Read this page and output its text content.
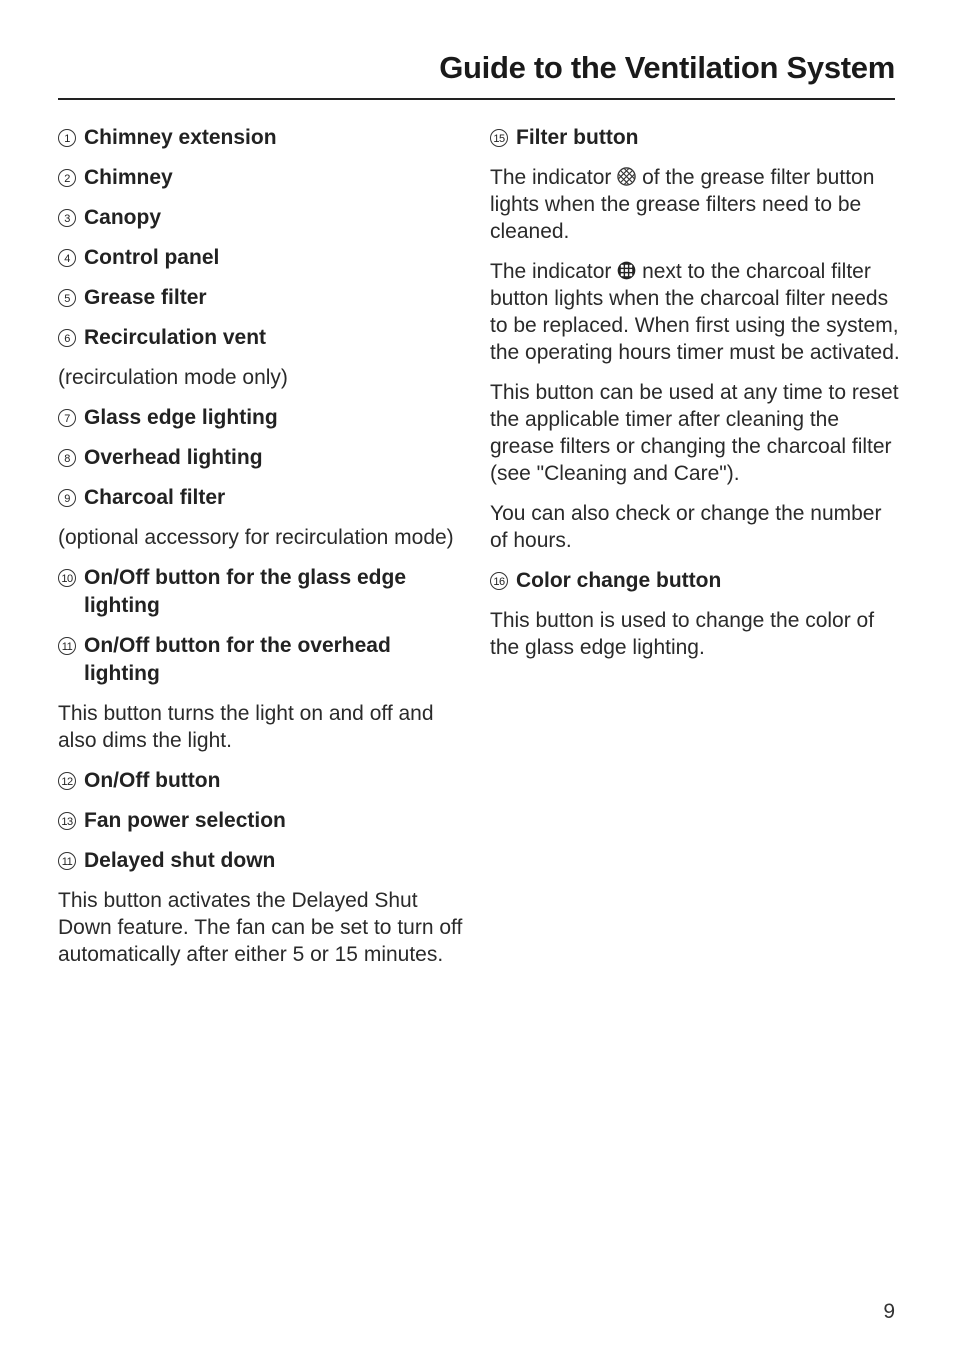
Guide to the Ventilation System
1 Chimney extension
2 Chimney
3 Canopy
4 Control panel
5 Grease filter
6 Recirculation vent

(recirculation mode only)

7 Glass edge lighting
8 Overhead lighting
9 Charcoal filter

(optional accessory for recirculation mode)

10 On/Off button for the glass edge lighting
11 On/Off button for the overhead lighting

This button turns the light on and off and also dims the light.

12 On/Off button
13 Fan power selection
11 Delayed shut down

This button activates the Delayed Shut Down feature. The fan can be set to turn off automatically after either 5 or 15 minutes.

15 Filter button

The indicator  of the grease filter button lights when the grease filters need to be cleaned.

The indicator  next to the charcoal filter button lights when the charcoal filter needs to be replaced. When first using the system, the operating hours timer must be activated.

This button can be used at any time to reset the applicable timer after cleaning the grease filters or changing the charcoal filter (see "Cleaning and Care").

You can also check or change the number of hours.

16 Color change button

This button is used to change the color of the glass edge lighting.

9
